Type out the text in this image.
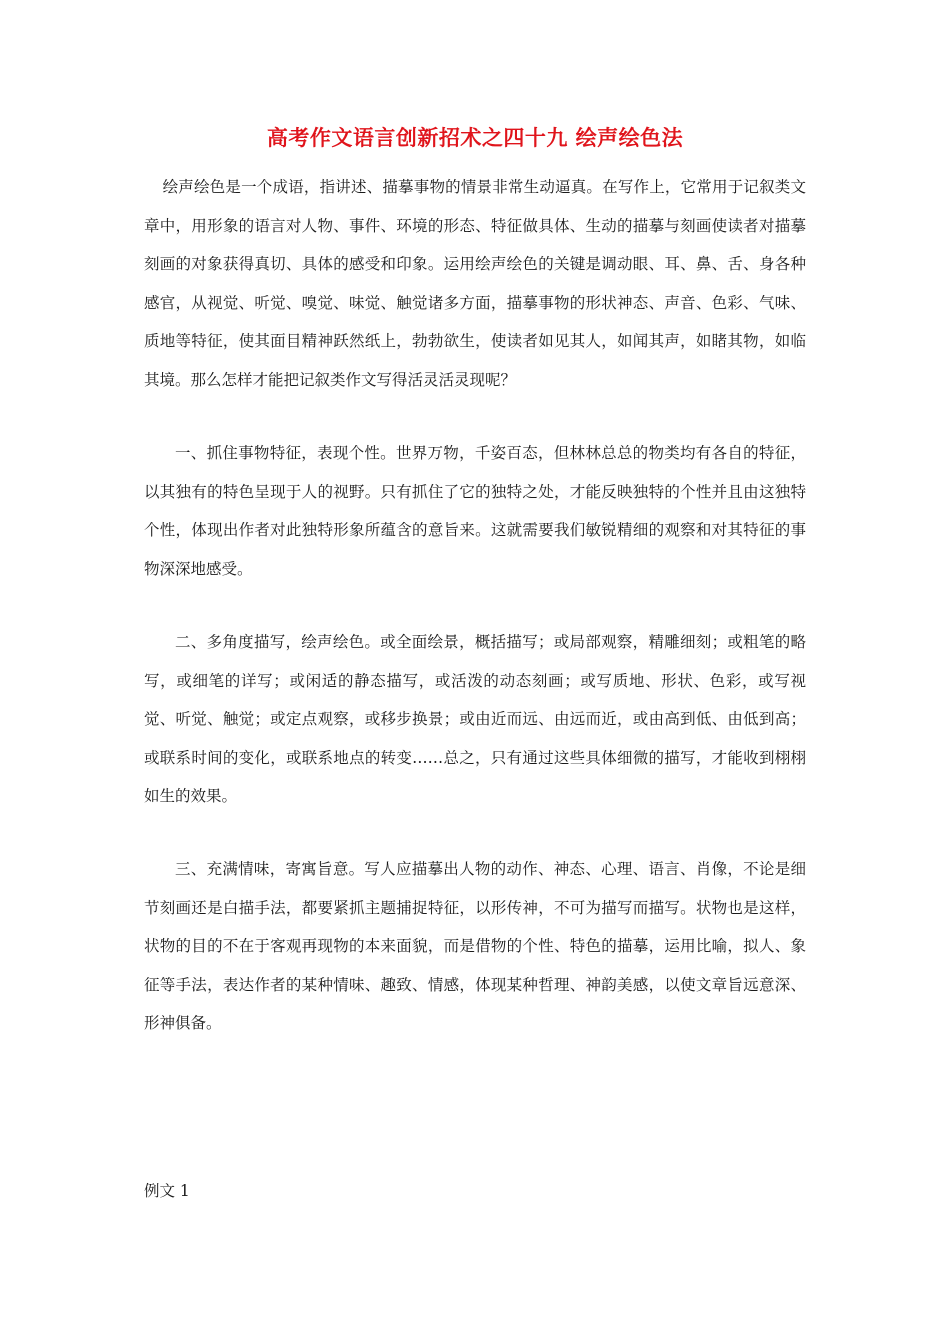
高考作文语言创新招术之四十九 绘声绘色法

绘声绘色是一个成语，指讲述、描摹事物的情景非常生动逼真。在写作上，它常用于记叙类文章中，用形象的语言对人物、事件、环境的形态、特征做具体、生动的描摹与刻画使读者对描摹刻画的对象获得真切、具体的感受和印象。运用绘声绘色的关键是调动眼、耳、鼻、舌、身各种感官，从视觉、听觉、嗅觉、味觉、触觉诸多方面，描摹事物的形状神态、声音、色彩、气味、质地等特征，使其面目精神跃然纸上，勃勃欲生，使读者如见其人，如闻其声，如睹其物，如临其境。那么怎样才能把记叙类作文写得活灵活灵现呢？

一、抓住事物特征，表现个性。世界万物，千姿百态，但林林总总的物类均有各自的特征，以其独有的特色呈现于人的视野。只有抓住了它的独特之处，才能反映独特的个性并且由这独特个性，体现出作者对此独特形象所蕴含的意旨来。这就需要我们敏锐精细的观察和对其特征的事物深深地感受。

二、多角度描写，绘声绘色。或全面绘景，概括描写；或局部观察，精雕细刻；或粗笔的略写，或细笔的详写；或闲适的静态描写，或活泼的动态刻画；或写质地、形状、色彩，或写视觉、听觉、触觉；或定点观察，或移步换景；或由近而远、由远而近，或由高到低、由低到高；或联系时间的变化，或联系地点的转变……总之，只有通过这些具体细微的描写，才能收到栩栩如生的效果。

三、充满情味，寄寓旨意。写人应描摹出人物的动作、神态、心理、语言、肖像，不论是细节刻画还是白描手法，都要紧抓主题捕捉特征，以形传神，不可为描写而描写。状物也是这样，状物的目的不在于客观再现物的本来面貌，而是借物的个性、特色的描摹，运用比喻，拟人、象征等手法，表达作者的某种情味、趣致、情感，体现某种哲理、神韵美感，以使文章旨远意深、形神俱备。

例文 1
